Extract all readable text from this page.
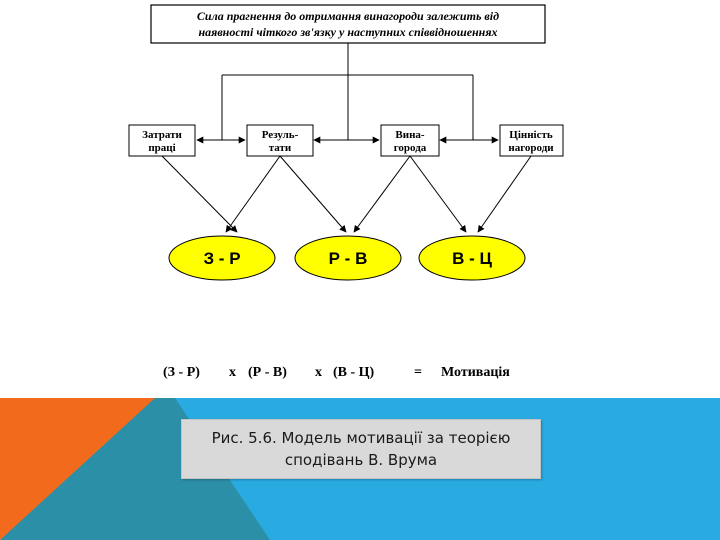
Сила прагнення до отримання винагороди залежить від
наявності чіткого зв'язку у наступних співвідношеннях
Затрати
праці
Резуль-
тати
Вина-
города
Цінність
нагороди
З - Р	Р - В	В - Ц
(З - Р) х (Р - В) х (В - Ц)	= Мотивація
Рис. 5.6. Модель мотивації за теорією сподівань В. Врума
